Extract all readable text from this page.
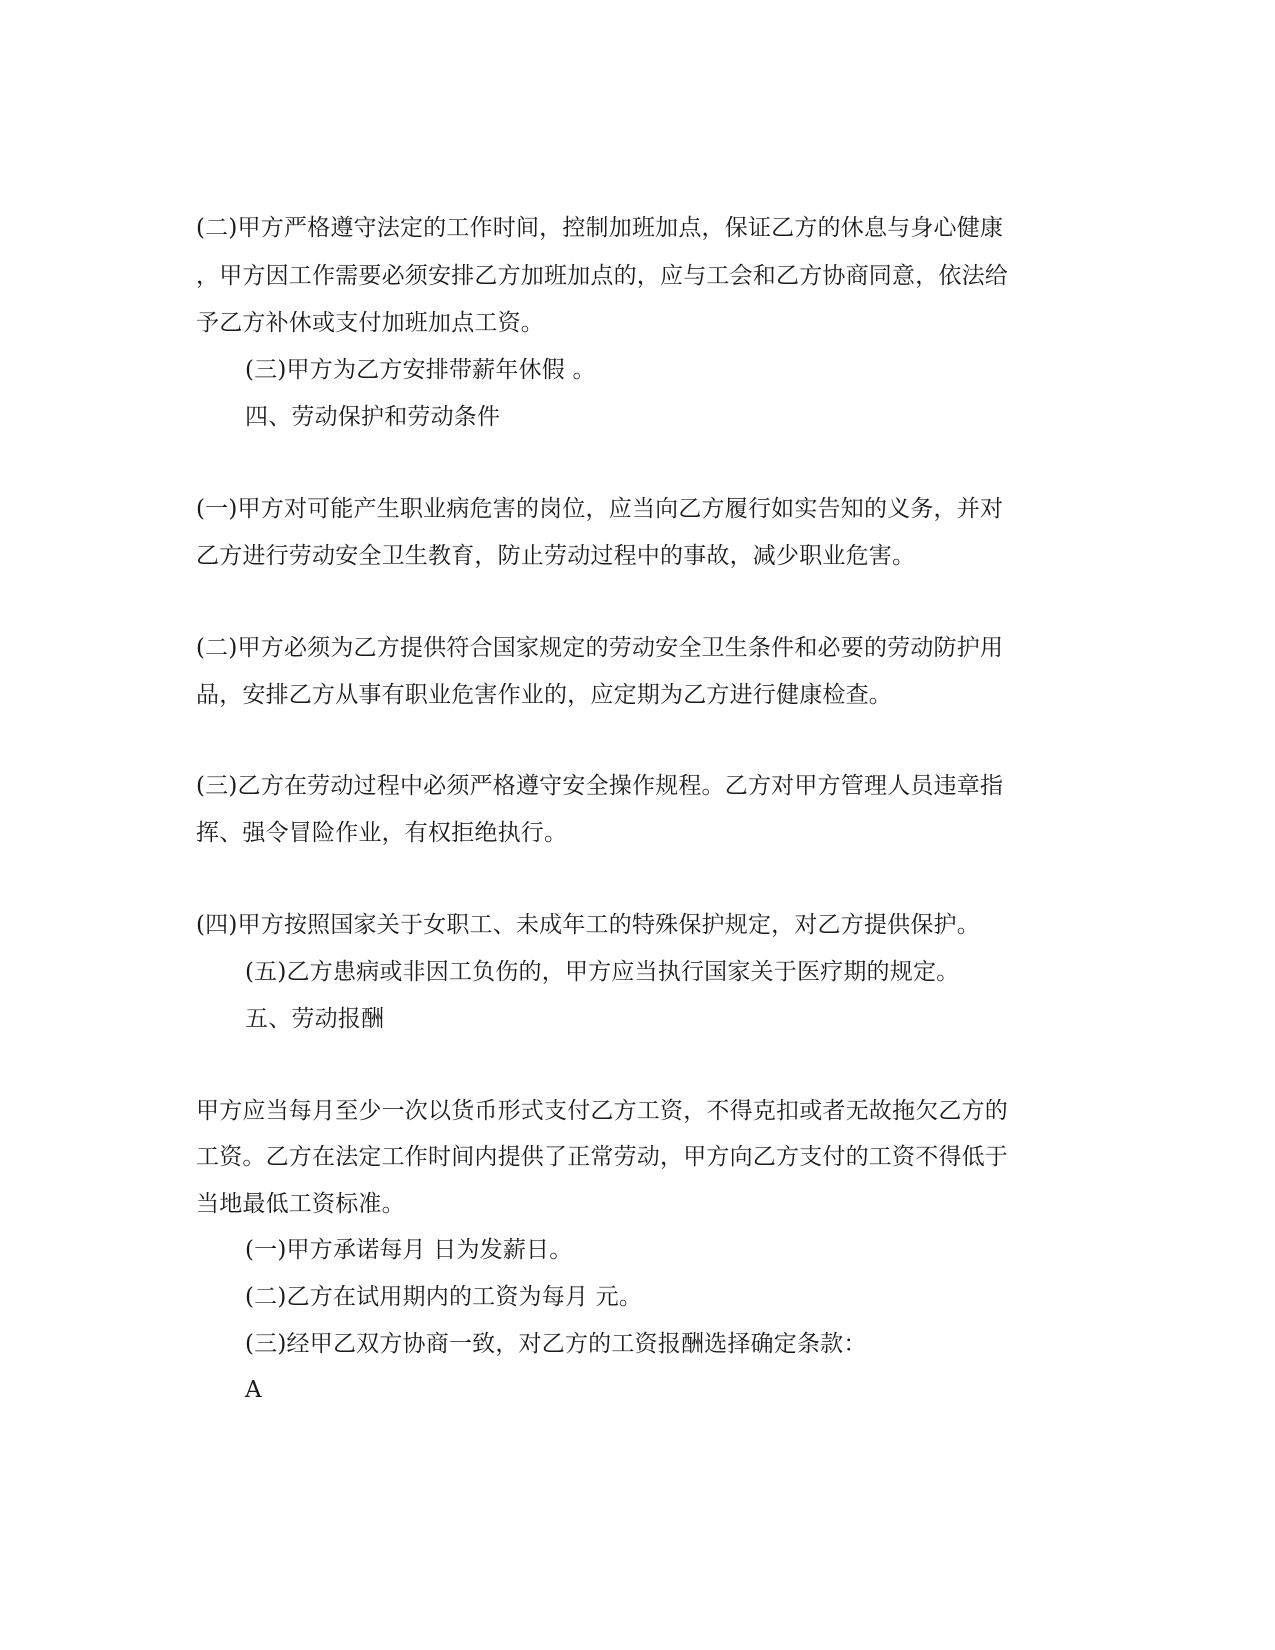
(二)甲方严格遵守法定的工作时间，控制加班加点，保证乙方的休息与身心健康
，甲方因工作需要必须安排乙方加班加点的，应与工会和乙方协商同意，依法给
予乙方补休或支付加班加点工资。
(三)甲方为乙方安排带薪年休假 。
四、劳动保护和劳动条件
(一)甲方对可能产生职业病危害的岗位，应当向乙方履行如实告知的义务，并对
乙方进行劳动安全卫生教育，防止劳动过程中的事故，减少职业危害。
(二)甲方必须为乙方提供符合国家规定的劳动安全卫生条件和必要的劳动防护用
品，安排乙方从事有职业危害作业的，应定期为乙方进行健康检查。
(三)乙方在劳动过程中必须严格遵守安全操作规程。乙方对甲方管理人员违章指
挥、强令冒险作业，有权拒绝执行。
(四)甲方按照国家关于女职工、未成年工的特殊保护规定，对乙方提供保护。
(五)乙方患病或非因工负伤的，甲方应当执行国家关于医疗期的规定。
五、劳动报酬
甲方应当每月至少一次以货币形式支付乙方工资，不得克扣或者无故拖欠乙方的
工资。乙方在法定工作时间内提供了正常劳动，甲方向乙方支付的工资不得低于
当地最低工资标准。
(一)甲方承诺每月 日为发薪日。
(二)乙方在试用期内的工资为每月 元。
(三)经甲乙双方协商一致，对乙方的工资报酬选择确定条款：
A
